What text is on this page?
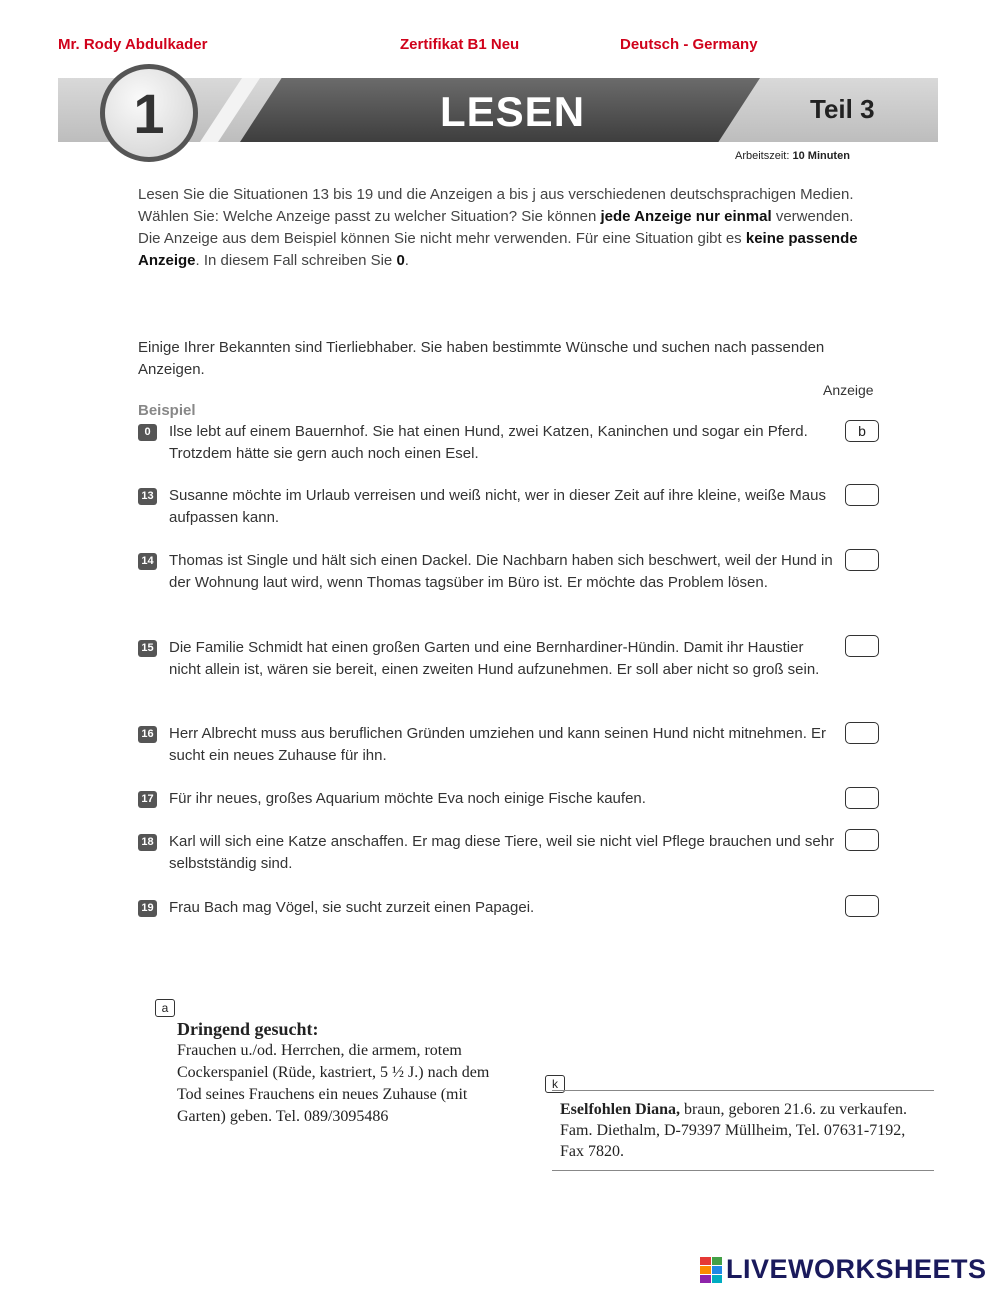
Mr. Rody Abdulkader	Zertifikat B1 Neu	Deutsch - Germany
LESEN
1	Teil 3
Arbeitszeit: 10 Minuten

Lesen Sie die Situationen 13 bis 19 und die Anzeigen a bis j aus verschiedenen deutschsprachigen Medien.

Wählen Sie: Welche Anzeige passt zu welcher Situation? Sie können jede Anzeige nur einmal verwenden.

Die Anzeige aus dem Beispiel können Sie nicht mehr verwenden. Für eine Situation gibt es keine passende Anzeige. In diesem Fall schreiben Sie 0.

Einige Ihrer Bekannten sind Tierliebhaber. Sie haben bestimmte Wünsche und suchen nach passenden Anzeigen.
Anzeige
Beispiel
0	Ilse lebt auf einem Bauernhof. Sie hat einen Hund, zwei Katzen, Kaninchen und sogar ein Pferd. Trotzdem hätte sie gern auch noch einen Esel.
b
13 Susanne möchte im Urlaub verreisen und weiß nicht, wer in dieser Zeit auf ihre kleine, weiße Maus aufpassen kann.
14 Thomas ist Single und hält sich einen Dackel. Die Nachbarn haben sich beschwert, weil der Hund in der Wohnung laut wird, wenn Thomas tagsüber im Büro ist. Er möchte das Problem lösen.
15 Die Familie Schmidt hat einen großen Garten und eine Bernhardiner-Hündin. Damit ihr Haustier nicht allein ist, wären sie bereit, einen zweiten Hund aufzunehmen. Er soll aber nicht so groß sein.
16 Herr Albrecht muss aus beruflichen Gründen umziehen und kann seinen Hund nicht mitnehmen. Er sucht ein neues Zuhause für ihn.
17 Für ihr neues, großes Aquarium möchte Eva noch einige Fische kaufen.
18 Karl will sich eine Katze anschaffen. Er mag diese Tiere, weil sie nicht viel Pflege brauchen und sehr selbstständig sind.
19 Frau Bach mag Vögel, sie sucht zurzeit einen Papagei.
a
Dringend gesucht:
Frauchen u./od. Herrchen, die armem, rotem Cockerspaniel (Rüde, kastriert, 5 ½ J.) nach dem Tod seines Frauchens ein neues Zuhause (mit Garten) geben. Tel. 089/3095486
k
Eselfohlen Diana, braun, geboren 21.6. zu verkaufen. Fam. Diethalm, D-79397 Müllheim, Tel. 07631-7192, Fax 7820.
LIVEWORKSHEETS
